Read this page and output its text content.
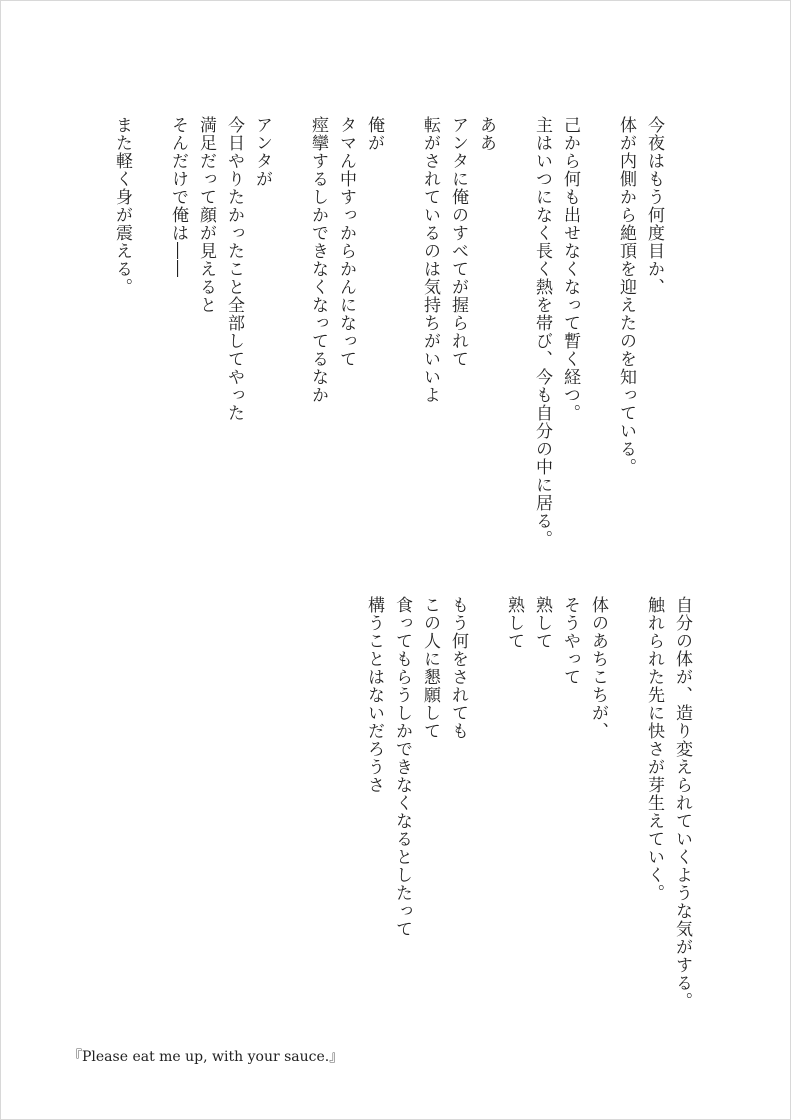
今夜はもう何度目か、
体が内側から絶頂を迎えたのを知っている。
己から何も出せなくなって暫く経つ。
主はいつになく長く熱を帯び、今も自分の中に居る。
ああ
アンタに俺のすべてが握られて
転がされているのは気持ちがいいよ
俺が
タマん中すっからかんになって
痙攣するしかできなくなってるなか
アンタが
今日やりたかったこと全部してやった
満足だって顔が見えると
そんだけで俺は――
また軽く身が震える。
自分の体が、造り変えられていくような気がする。
触れられた先に快さが芽生えていく。
体のあちこちが、
そうやって
熟して
熟して
もう何をされても
この人に懇願して
食ってもらうしかできなくなるとしたって
構うことはないだろうさ
『Please eat me up, with your sauce.』
